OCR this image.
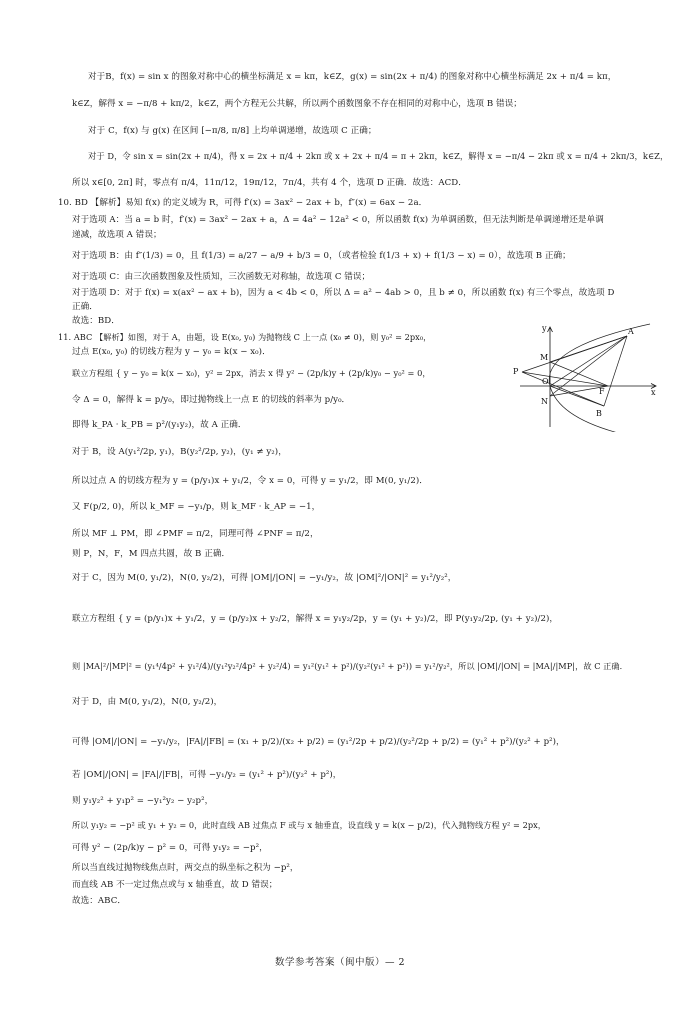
对于B，f(x) = sin x 的图象对称中心的横坐标满足 x = kπ，k∈Z，g(x) = sin(2x + π/4) 的图象对称中心横坐标满足 2x + π/4 = kπ，
k∈Z，解得 x = −π/8 + kπ/2，k∈Z，两个方程无公共解，所以两个函数图象不存在相同的对称中心，选项 B 错误；
对于 C，f(x) 与 g(x) 在区间 [−π/8, π/8] 上均单调递增，故选项 C 正确；
对于 D，令 sin x = sin(2x + π/4)，得 x = 2x + π/4 + 2kπ 或 x + 2x + π/4 = π + 2kπ，k∈Z，解得 x = −π/4 − 2kπ 或 x = π/4 + 2kπ/3，k∈Z，
所以 x∈[0, 2π] 时，零点有 π/4，11π/12，19π/12，7π/4，共有 4 个，选项 D 正确．故选：ACD．
10. BD 【解析】易知 f(x) 的定义域为 R，可得 f′(x) = 3ax² − 2ax + b，f″(x) = 6ax − 2a．
对于选项 A：当 a = b 时，f′(x) = 3ax² − 2ax + a，Δ = 4a² − 12a² < 0，所以函数 f(x) 为单调函数，但无法判断是单调递增还是单调
递减，故选项 A 错误；
对于选项 B：由 f″(1/3) = 0，且 f(1/3) = a/27 − a/9 + b/3 = 0，（或者检验 f(1/3 + x) + f(1/3 − x) = 0），故选项 B 正确；
对于选项 C：由三次函数图象及性质知，三次函数无对称轴，故选项 C 错误；
对于选项 D：对于 f(x) = x(ax² − ax + b)，因为 a < 4b < 0，所以 Δ = a² − 4ab > 0，且 b ≠ 0，所以函数 f(x) 有三个零点，故选项 D
正确．
故选：BD．
11. ABC 【解析】如图，对于 A，由题，设 E(x₀, y₀) 为抛物线 C 上一点 (x₀ ≠ 0)，则 y₀² = 2px₀，
过点 E(x₀, y₀) 的切线方程为 y − y₀ = k(x − x₀)．
联立方程组 { y − y₀ = k(x − x₀)，y² = 2px，消去 x 得 y² − (2p/k)y + (2p/k)y₀ − y₀² = 0，
令 Δ = 0，解得 k = p/y₀，即过抛物线上一点 E 的切线的斜率为 p/y₀．
即得 k_PA · k_PB = p²/(y₁y₂)，故 A 正确．
对于 B，设 A(y₁²/2p, y₁)，B(y₂²/2p, y₂)，(y₁ ≠ y₂)，
所以过点 A 的切线方程为 y = (p/y₁)x + y₁/2，令 x = 0，可得 y = y₁/2，即 M(0, y₁/2)．
又 F(p/2, 0)，所以 k_MF = −y₁/p，则 k_MF · k_AP = −1，
所以 MF ⊥ PM，即 ∠PMF = π/2，同理可得 ∠PNF = π/2，
则 P，N，F，M 四点共圆，故 B 正确．
对于 C，因为 M(0, y₁/2)，N(0, y₂/2)，可得 |OM|/|ON| = −y₁/y₂，故 |OM|²/|ON|² = y₁²/y₂²，
联立方程组 { y = (p/y₁)x + y₁/2，y = (p/y₂)x + y₂/2，解得 x = y₁y₂/2p，y = (y₁ + y₂)/2，即 P(y₁y₂/2p, (y₁ + y₂)/2)，
则 |MA|²/|MP|² = (y₁⁴/4p² + y₁²/4)/(y₁²y₂²/4p² + y₂²/4) = y₁²(y₁² + p²)/(y₂²(y₁² + p²)) = y₁²/y₂²，所以 |OM|/|ON| = |MA|/|MP|，故 C 正确．
对于 D，由 M(0, y₁/2)，N(0, y₂/2)，
可得 |OM|/|ON| = −y₁/y₂，|FA|/|FB| = (x₁ + p/2)/(x₂ + p/2) = (y₁²/2p + p/2)/(y₂²/2p + p/2) = (y₁² + p²)/(y₂² + p²)，
若 |OM|/|ON| = |FA|/|FB|，可得 −y₁/y₂ = (y₁² + p²)/(y₂² + p²)，
则 y₁y₂² + y₁p² = −y₁²y₂ − y₂p²，
所以 y₁y₂ = −p² 或 y₁ + y₂ = 0，此时直线 AB 过焦点 F 或与 x 轴垂直，设直线 y = k(x − p/2)，代入抛物线方程 y² = 2px，
可得 y² − (2p/k)y − p² = 0，可得 y₁y₂ = −p²，
所以当直线过抛物线焦点时，两交点的纵坐标之积为 −p²，
而直线 AB 不一定过焦点或与 x 轴垂直，故 D 错误；
故选：ABC．
y
x
A
M
P
O
N
F
B
数学参考答案（闽中版）— 2
